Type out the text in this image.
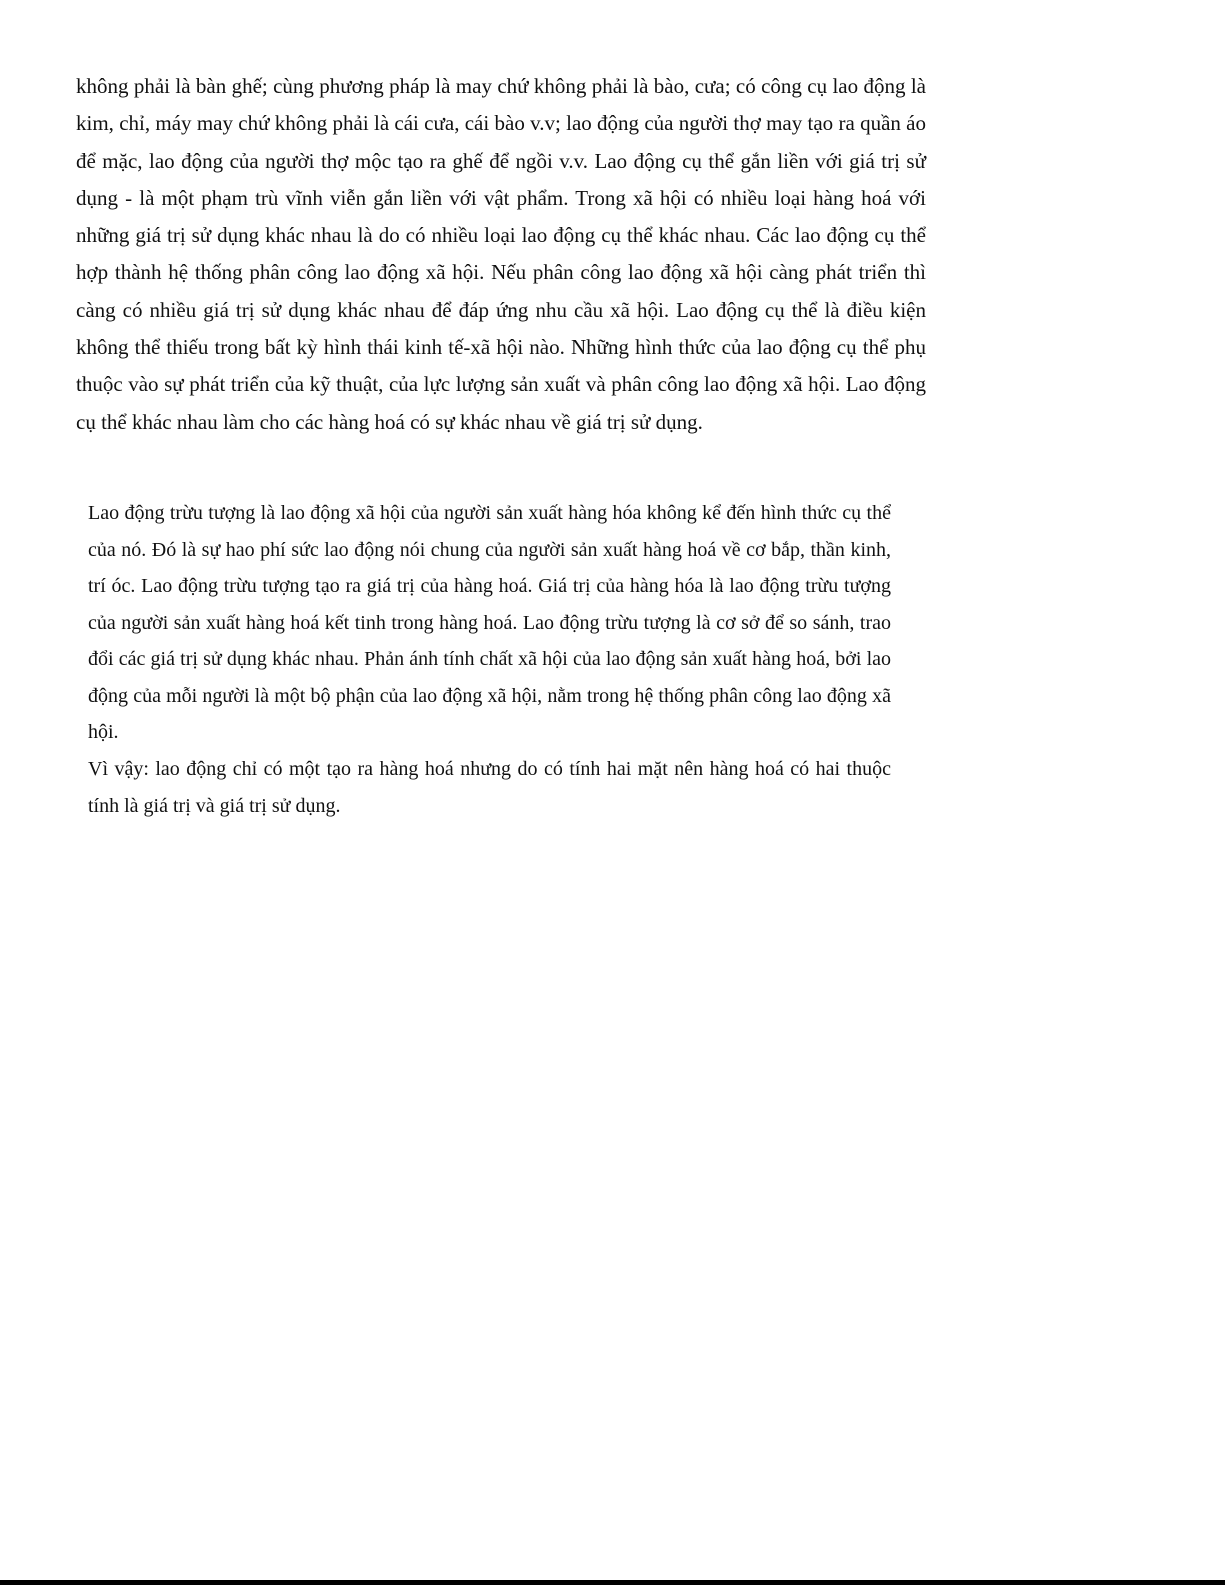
không phải là bàn ghế; cùng phương pháp là may chứ không phải là bào, cưa; có công cụ lao động là kim, chỉ, máy may chứ không phải là cái cưa, cái bào v.v; lao động của người thợ may tạo ra quần áo để mặc, lao động của người thợ mộc tạo ra ghế để ngồi v.v. Lao động cụ thể gắn liền với giá trị sử dụng - là một phạm trù vĩnh viễn gắn liền với vật phẩm. Trong xã hội có nhiều loại hàng hoá với những giá trị sử dụng khác nhau là do có nhiều loại lao động cụ thể khác nhau. Các lao động cụ thể hợp thành hệ thống phân công lao động xã hội. Nếu phân công lao động xã hội càng phát triển thì càng có nhiều giá trị sử dụng khác nhau để đáp ứng nhu cầu xã hội. Lao động cụ thể là điều kiện không thể thiếu trong bất kỳ hình thái kinh tế-xã hội nào. Những hình thức của lao động cụ thể phụ thuộc vào sự phát triển của kỹ thuật, của lực lượng sản xuất và phân công lao động xã hội. Lao động cụ thể khác nhau làm cho các hàng hoá có sự khác nhau về giá trị sử dụng.

Lao động trừu tượng là lao động xã hội của người sản xuất hàng hóa không kể đến hình thức cụ thể của nó. Đó là sự hao phí sức lao động nói chung của người sản xuất hàng hoá về cơ bắp, thần kinh, trí óc. Lao động trừu tượng tạo ra giá trị của hàng hoá. Giá trị của hàng hóa là lao động trừu tượng của người sản xuất hàng hoá kết tinh trong hàng hoá. Lao động trừu tượng là cơ sở để so sánh, trao đổi các giá trị sử dụng khác nhau. Phản ánh tính chất xã hội của lao động sản xuất hàng hoá, bởi lao động của mỗi người là một bộ phận của lao động xã hội, nằm trong hệ thống phân công lao động xã hội.

Vì vậy: lao động chỉ có một tạo ra hàng hoá nhưng do có tính hai mặt nên hàng hoá có hai thuộc tính là giá trị và giá trị sử dụng.
